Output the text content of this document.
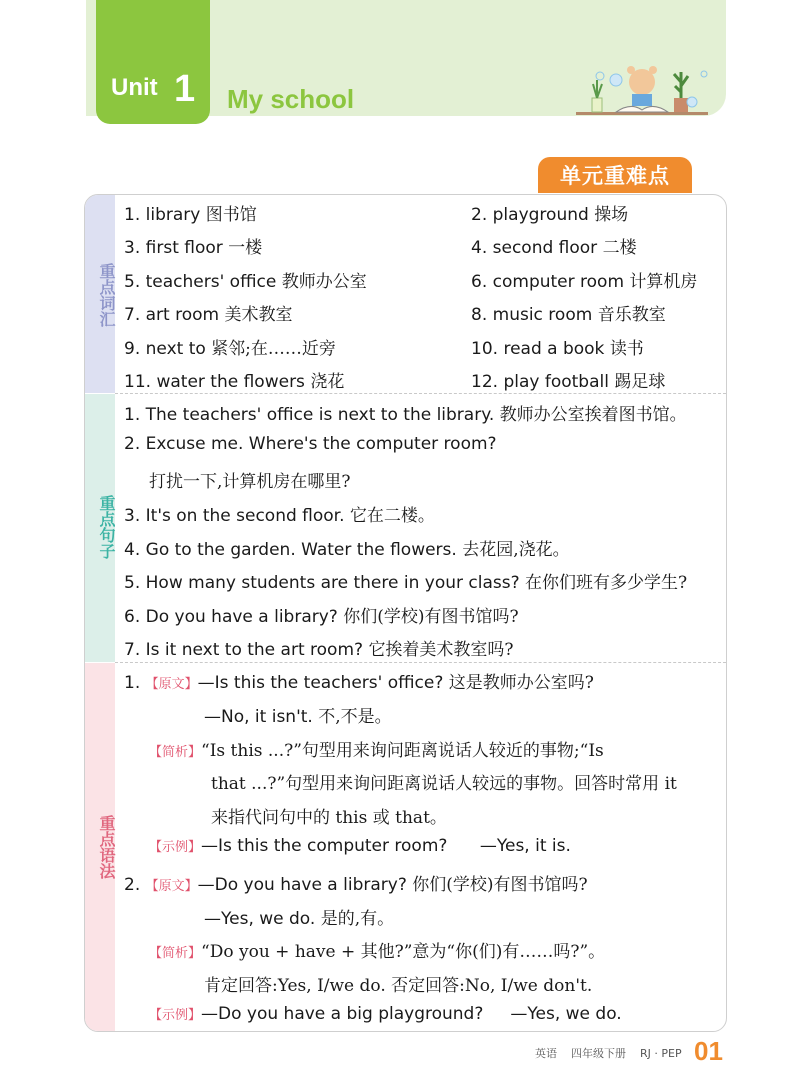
Unit 1 My school
单元重难点
重点词汇
重点句子
重点语法
1. library 图书馆	2. playground 操场
3. first floor 一楼	4. second floor 二楼
5. teachers' office 教师办公室	6. computer room 计算机房
7. art room 美术教室	8. music room 音乐教室
9. next to 紧邻;在……近旁	10. read a book 读书
11. water the flowers 浇花	12. play football 踢足球
1. The teachers' office is next to the library. 教师办公室挨着图书馆。
2. Excuse me. Where's the computer room?
打扰一下,计算机房在哪里?
3. It's on the second floor. 它在二楼。
4. Go to the garden. Water the flowers. 去花园,浇花。
5. How many students are there in your class? 在你们班有多少学生?
6. Do you have a library? 你们(学校)有图书馆吗?
7. Is it next to the art room? 它挨着美术教室吗?
1. 【原文】—Is this the teachers' office? 这是教师办公室吗?
—No, it isn't. 不,不是。
【简析】“Is this ...?”句型用来询问距离说话人较近的事物;“Is
that ...?”句型用来询问距离说话人较远的事物。回答时常用 it
来指代问句中的 this 或 that。
【示例】—Is this the computer room? —Yes, it is.
2. 【原文】—Do you have a library? 你们(学校)有图书馆吗?
—Yes, we do. 是的,有。
【简析】“Do you + have + 其他?”意为“你(们)有……吗?”。
肯定回答:Yes, I/we do. 否定回答:No, I/we don't.
【示例】—Do you have a big playground? —Yes, we do.
英语 四年级下册 RJ · PEP 01
